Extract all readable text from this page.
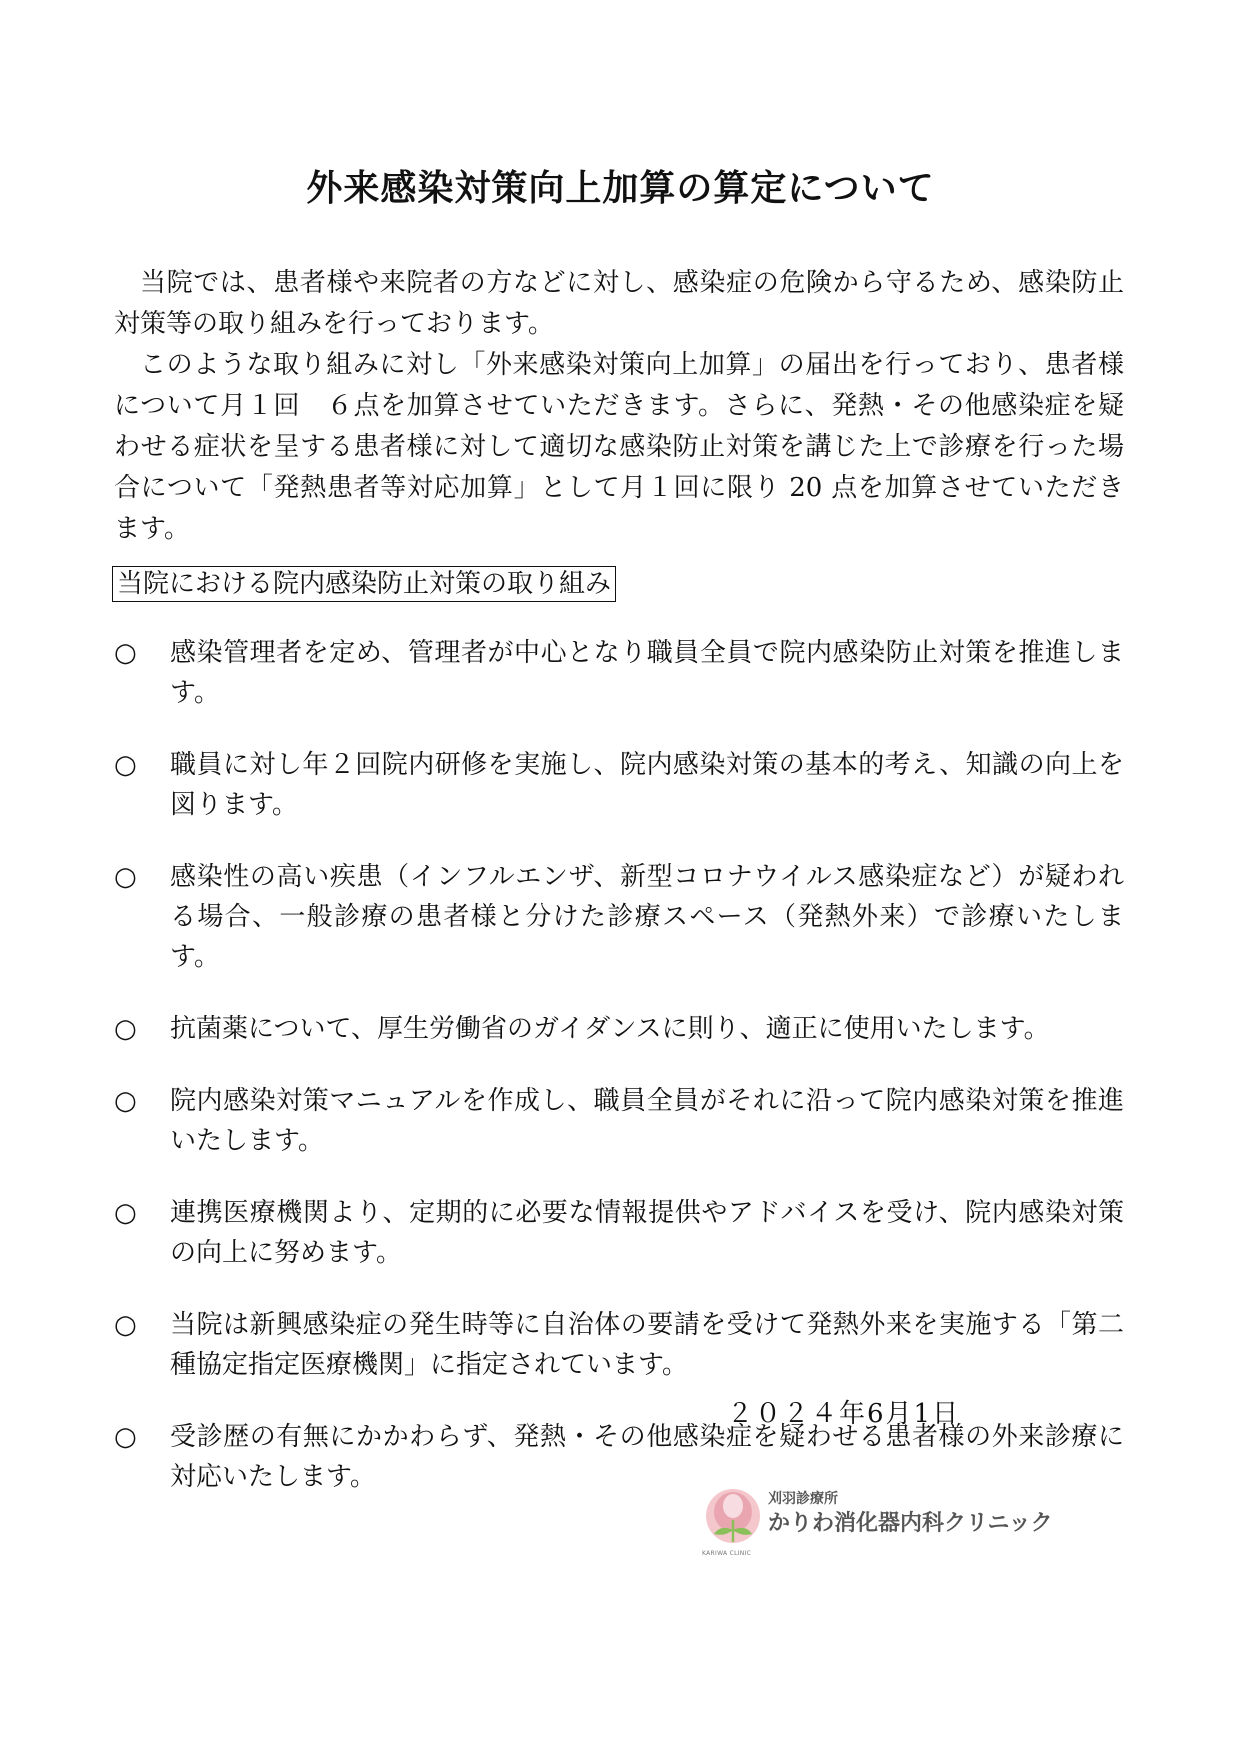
外来感染対策向上加算の算定について

当院では、患者様や来院者の方などに対し、感染症の危険から守るため、感染防止対策等の取り組みを行っております。

このような取り組みに対し「外来感染対策向上加算」の届出を行っており、患者様について月１回　６点を加算させていただきます。さらに、発熱・その他感染症を疑わせる症状を呈する患者様に対して適切な感染防止対策を講じた上で診療を行った場合について「発熱患者等対応加算」として月１回に限り 20 点を加算させていただきます。

当院における院内感染防止対策の取り組み
○	感染管理者を定め、管理者が中心となり職員全員で院内感染防止対策を推進します。
○	職員に対し年２回院内研修を実施し、院内感染対策の基本的考え、知識の向上を図ります。
○	感染性の高い疾患（インフルエンザ、新型コロナウイルス感染症など）が疑われる場合、一般診療の患者様と分けた診療スペース（発熱外来）で診療いたします。
○	抗菌薬について、厚生労働省のガイダンスに則り、適正に使用いたします。
○	院内感染対策マニュアルを作成し、職員全員がそれに沿って院内感染対策を推進いたします。
○	連携医療機関より、定期的に必要な情報提供やアドバイスを受け、院内感染対策の向上に努めます。
○	当院は新興感染症の発生時等に自治体の要請を受けて発熱外来を実施する「第二種協定指定医療機関」に指定されています。
○	受診歴の有無にかかわらず、発熱・その他感染症を疑わせる患者様の外来診療に対応いたします。
２０２４年6月1日
刈羽診療所
かりわ消化器内科クリニック
KARIWA CLINIC
